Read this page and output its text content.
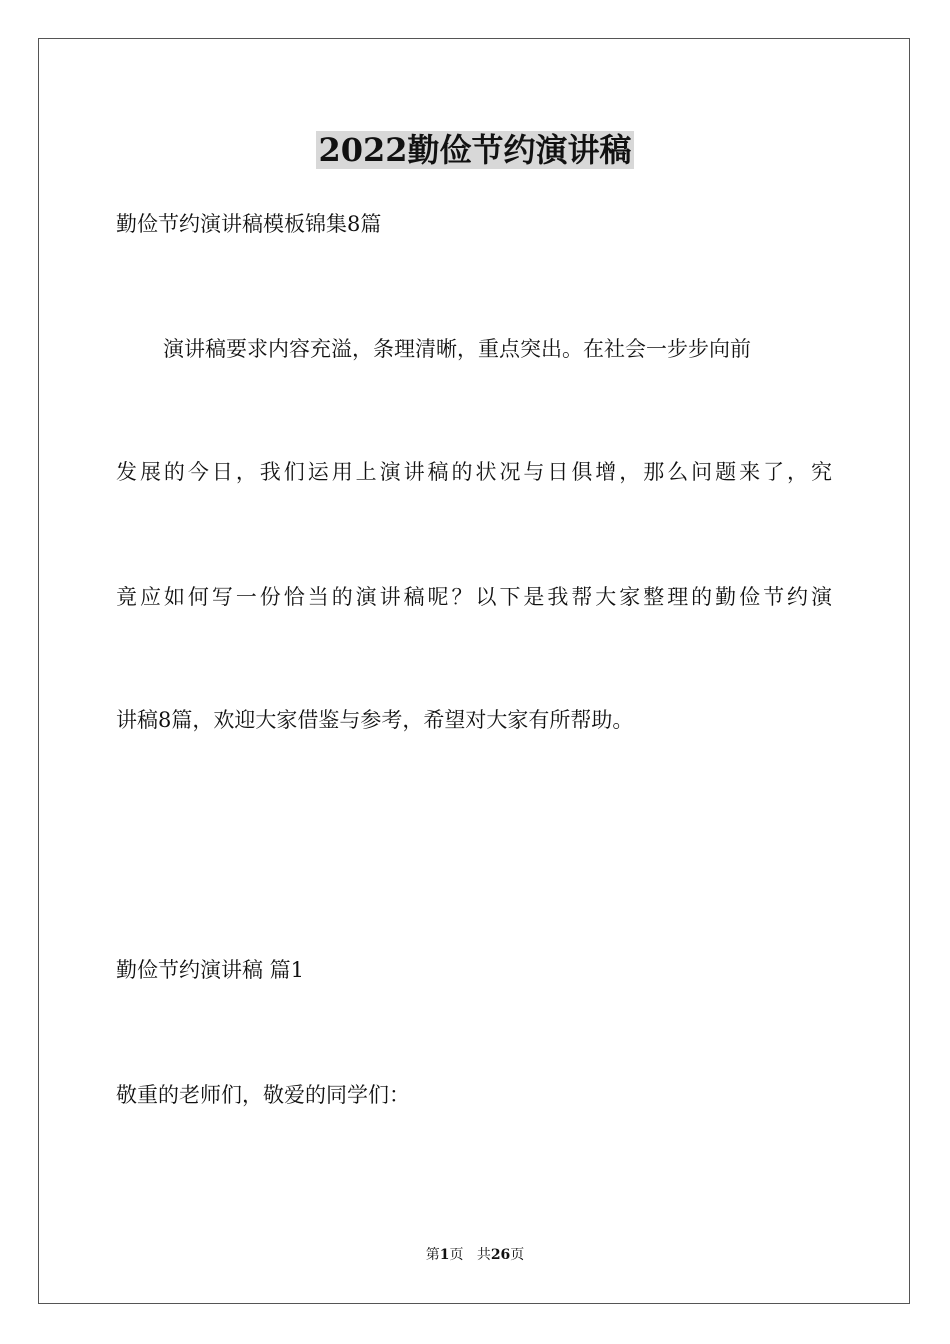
2022勤俭节约演讲稿
勤俭节约演讲稿模板锦集8篇
演讲稿要求内容充溢，条理清晰，重点突出。在社会一步步向前
发展的今日，我们运用上演讲稿的状况与日俱增，那么问题来了，究
竟应如何写一份恰当的演讲稿呢？以下是我帮大家整理的勤俭节约演
讲稿8篇，欢迎大家借鉴与参考，希望对大家有所帮助。
勤俭节约演讲稿 篇1
敬重的老师们，敬爱的同学们：
第1页 共26页
